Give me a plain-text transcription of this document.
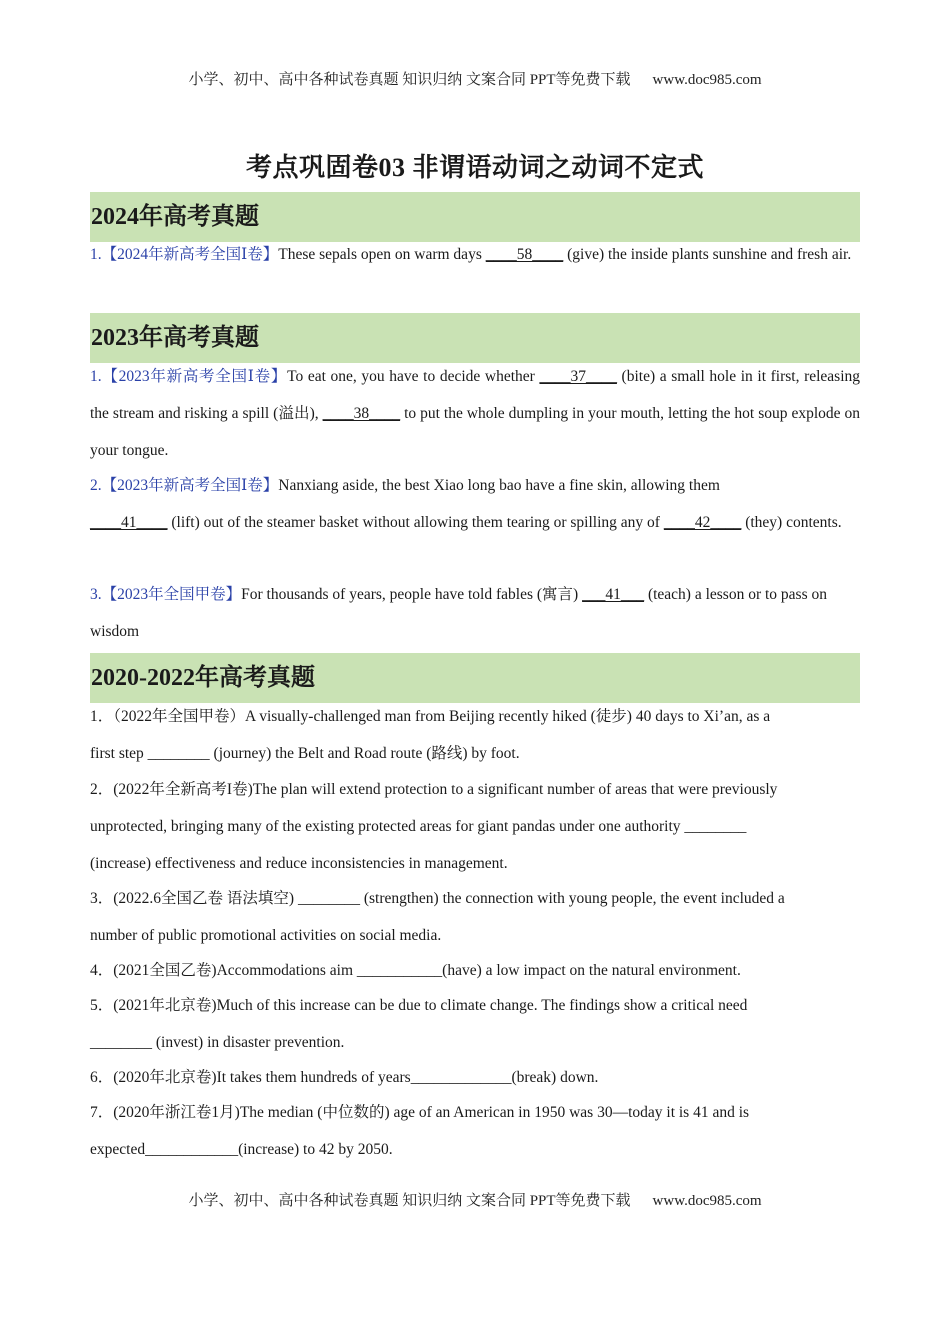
小学、初中、高中各种试卷真题 知识归纳 文案合同 PPT等免费下载 www.doc985.com
考点巩固卷03 非谓语动词之动词不定式
2024年高考真题
1.【2024年新高考全国Ⅰ卷】These sepals open on warm days ____58____ (give) the inside plants sunshine and fresh air.
2023年高考真题
1.【2023年新高考全国Ⅰ卷】To eat one, you have to decide whether ____37____ (bite) a small hole in it first, releasing the stream and risking a spill (溢出), ____38____ to put the whole dumpling in your mouth, letting the hot soup explode on your tongue.
2.【2023年新高考全国Ⅰ卷】Nanxiang aside, the best Xiao long bao have a fine skin, allowing them
____41____ (lift) out of the steamer basket without allowing them tearing or spilling any of ____42____ (they) contents.
3.【2023年全国甲卷】For thousands of years, people have told fables (寓言) ___41___ (teach) a lesson or to pass on wisdom
2020-2022年高考真题
1．（2022年全国甲卷）A visually-challenged man from Beijing recently hiked (徒步) 40 days to Xi’an, as a
first step ________ (journey) the Belt and Road route (路线) by foot.
2．(2022年全新高考I卷)The plan will extend protection to a significant number of areas that were previously
unprotected, bringing many of the existing protected areas for giant pandas under one authority ________
(increase) effectiveness and reduce inconsistencies in management.
3．(2022.6全国乙卷 语法填空) ________ (strengthen) the connection with young people, the event included a
number of public promotional activities on social media.
4．(2021全国乙卷)Accommodations aim ___________(have) a low impact on the natural environment.
5．(2021年北京卷)Much of this increase can be due to climate change. The findings show a critical need
________ (invest) in disaster prevention.
6．(2020年北京卷)It takes them hundreds of years_____________(break) down.
7．(2020年浙江卷1月)The median (中位数的) age of an American in 1950 was 30—today it is 41 and is
expected____________(increase) to 42 by 2050.
小学、初中、高中各种试卷真题 知识归纳 文案合同 PPT等免费下载 www.doc985.com
